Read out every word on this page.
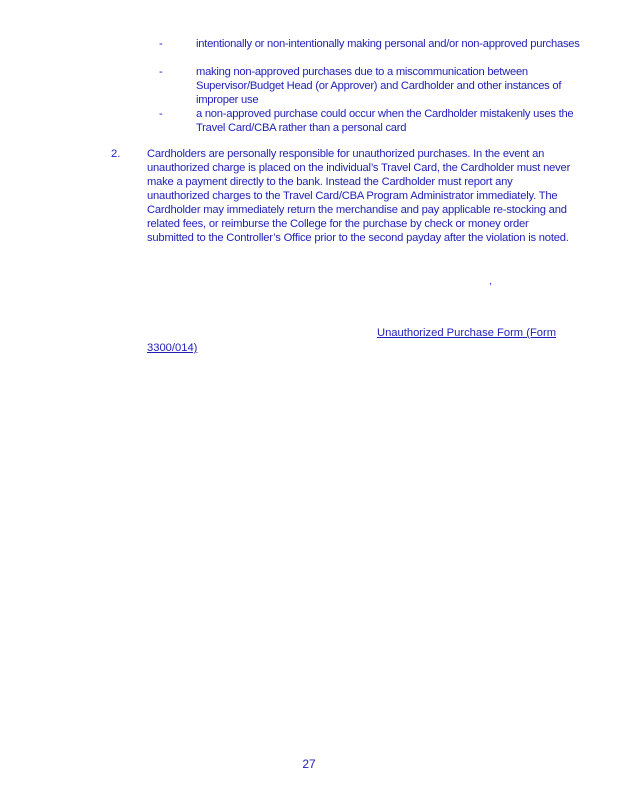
-	intentionally or non-intentionally making personal and/or non-approved purchases
-	making non-approved purchases due to a miscommunication between Supervisor/Budget Head (or Approver) and Cardholder and other instances of improper use
-	a non-approved purchase could occur when the Cardholder mistakenly uses the Travel Card/CBA rather than a personal card
2.	Cardholders are personally responsible for unauthorized purchases. In the event an unauthorized charge is placed on the individual’s Travel Card, the Cardholder must never make a payment directly to the bank. Instead the Cardholder must report any unauthorized charges to the Travel Card/CBA Program Administrator immediately. The Cardholder may immediately return the merchandise and pay applicable re-stocking and related fees, or reimburse the College for the purchase by check or money order submitted to the Controller’s Office prior to the second payday after the violation is noted.
,
Unauthorized Purchase Form (Form
3300/014)
27
